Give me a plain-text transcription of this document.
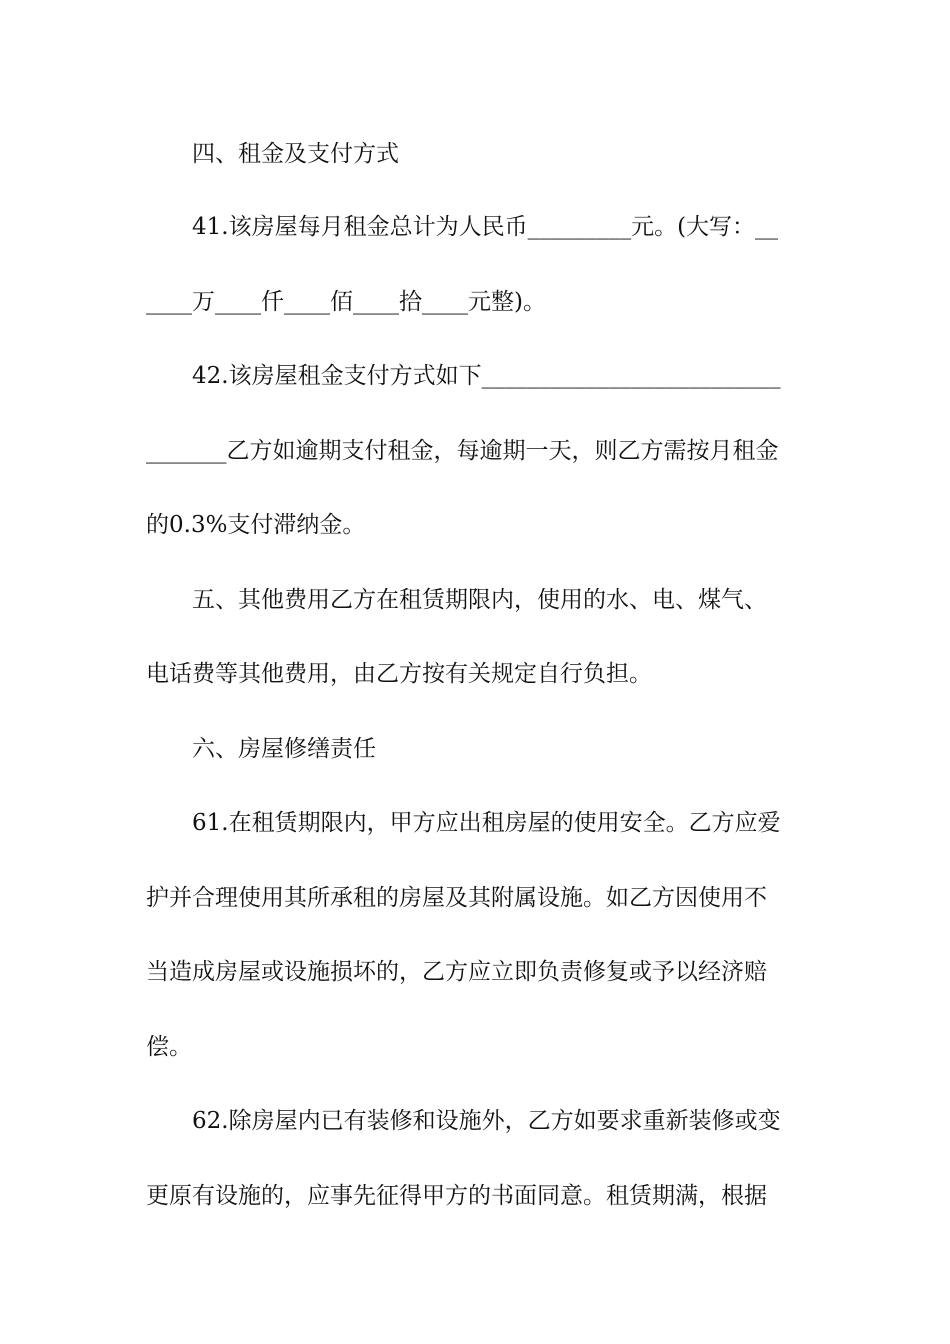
四、租金及支付方式
41.该房屋每月租金总计为人民币_________元。(大写：__
____万____仟____佰____拾____元整)。
42.该房屋租金支付方式如下__________________________
_______乙方如逾期支付租金，每逾期一天，则乙方需按月租金
的0.3%支付滞纳金。
五、其他费用乙方在租赁期限内，使用的水、电、煤气、
电话费等其他费用，由乙方按有关规定自行负担。
六、房屋修缮责任
61.在租赁期限内，甲方应出租房屋的使用安全。乙方应爱
护并合理使用其所承租的房屋及其附属设施。如乙方因使用不
当造成房屋或设施损坏的，乙方应立即负责修复或予以经济赔
偿。
62.除房屋内已有装修和设施外，乙方如要求重新装修或变
更原有设施的，应事先征得甲方的书面同意。租赁期满，根据
